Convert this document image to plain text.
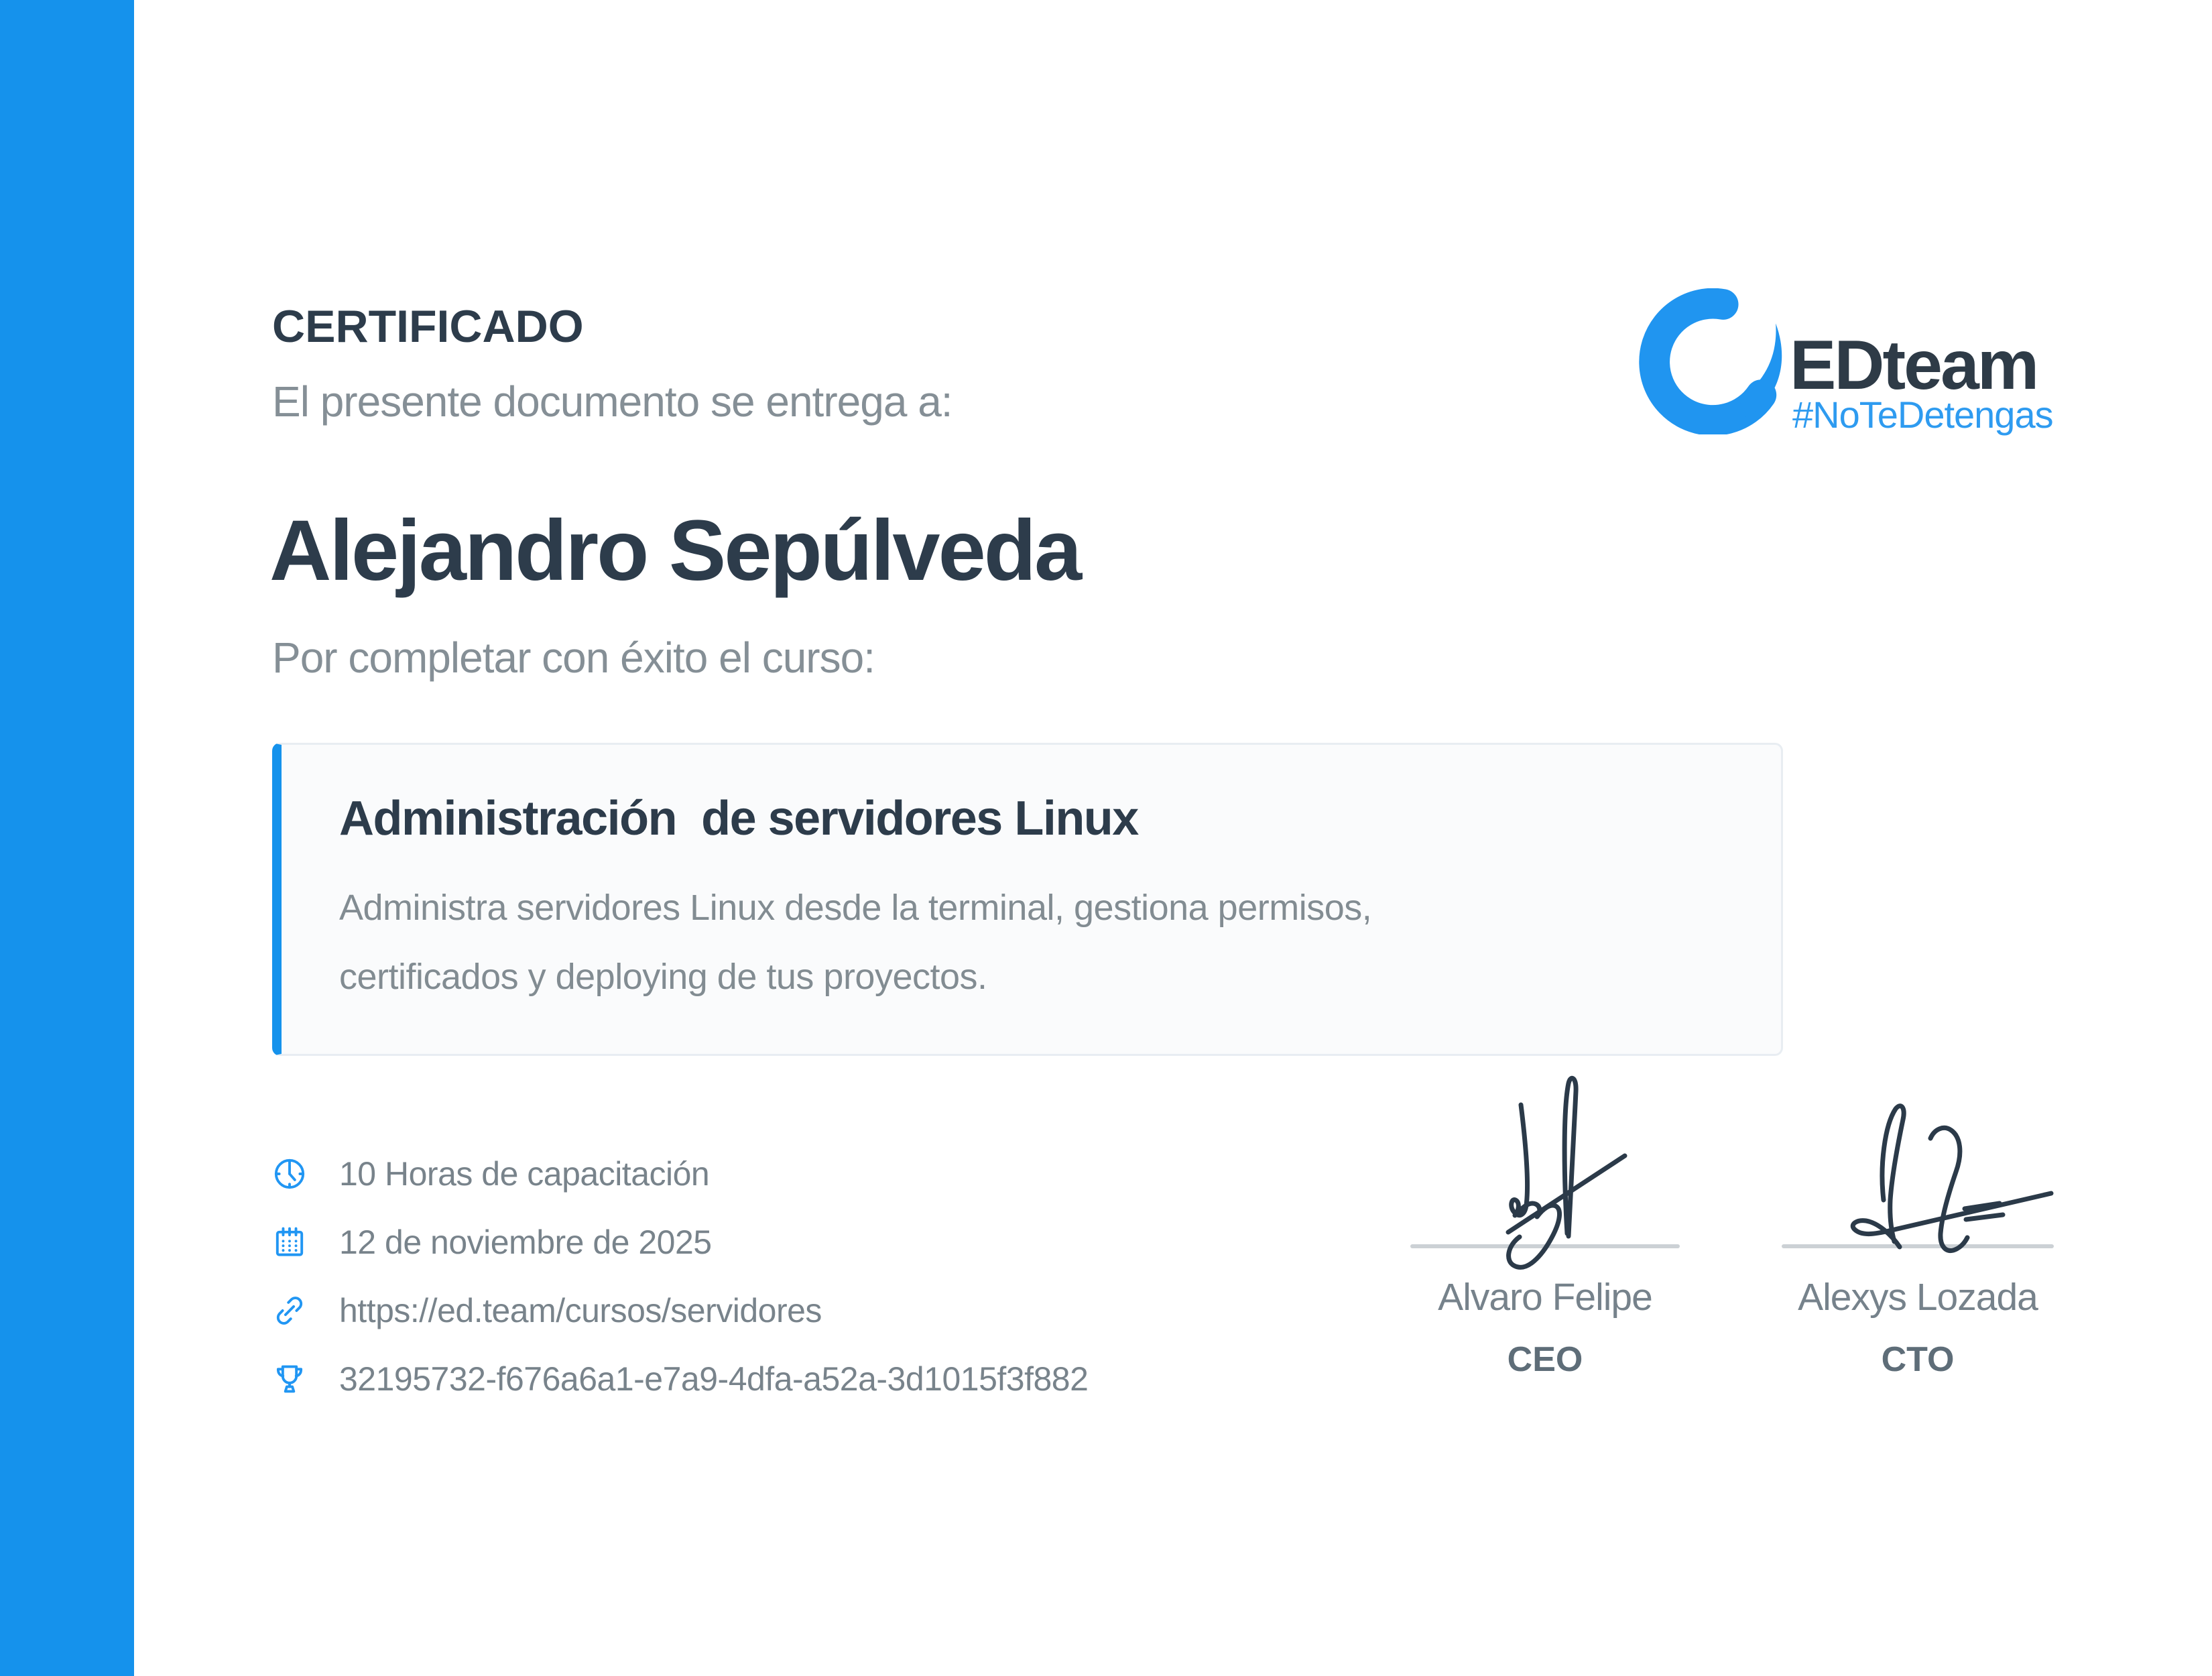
CERTIFICADO
El presente documento se entrega a:
Alejandro Sepúlveda
Por completar con éxito el curso:
EDteam
#NoTeDetengas
Administración  de servidores Linux
Administra servidores Linux desde la terminal, gestiona permisos,
certificados y deploying de tus proyectos.
10 Horas de capacitación
12 de noviembre de 2025
https://ed.team/cursos/servidores
32195732-f676a6a1-e7a9-4dfa-a52a-3d1015f3f882
Alvaro Felipe
CEO
Alexys Lozada
CTO
